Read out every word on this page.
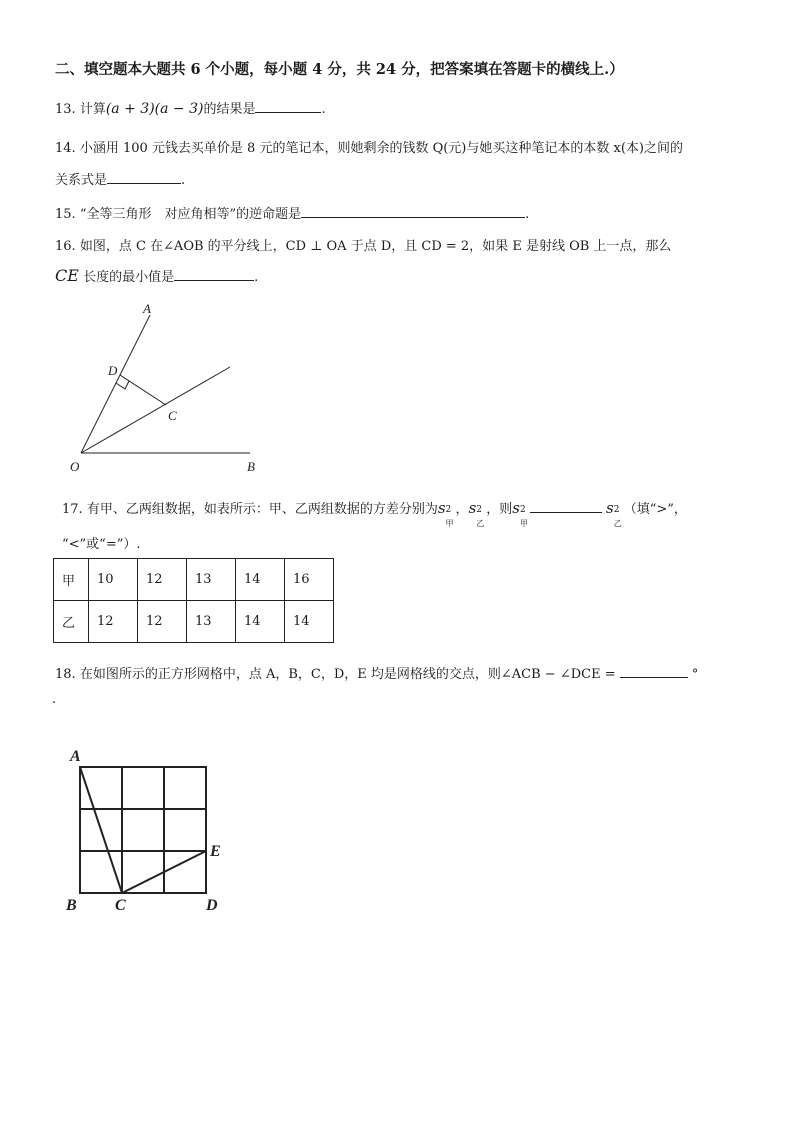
二、填空题本大题共 6 个小题，每小题 4 分，共 24 分，把答案填在答题卡的横线上.）
13. 计算(a + 3)(a − 3)的结果是	.
14. 小涵用 100 元钱去买单价是 8 元的笔记本，则她剩余的钱数 Q(元)与她买这种笔记本的本数 x(本)之间的
关系式是	.
15. “全等三角形　对应角相等”的逆命题是	.
16. 如图，点 C 在∠AOB 的平分线上，CD ⊥ OA 于点 D，且 CD = 2，如果 E 是射线 OB 上一点，那么
CE 长度的最小值是	.
A
D
C
O	B
17. 有甲、乙两组数据，如表所示：甲、乙两组数据的方差分别为s 2
甲
，s 2
乙
，则s 2
甲
s 2
乙
（填“>”，
“<”或“=”）.
甲	10	12	13	14	16
乙	12	12	13	14	14
18. 在如图所示的正方形网格中，点 A，B，C，D，E 均是网格线的交点，则∠ACB − ∠DCE =	°
.
A
B C	D
E
